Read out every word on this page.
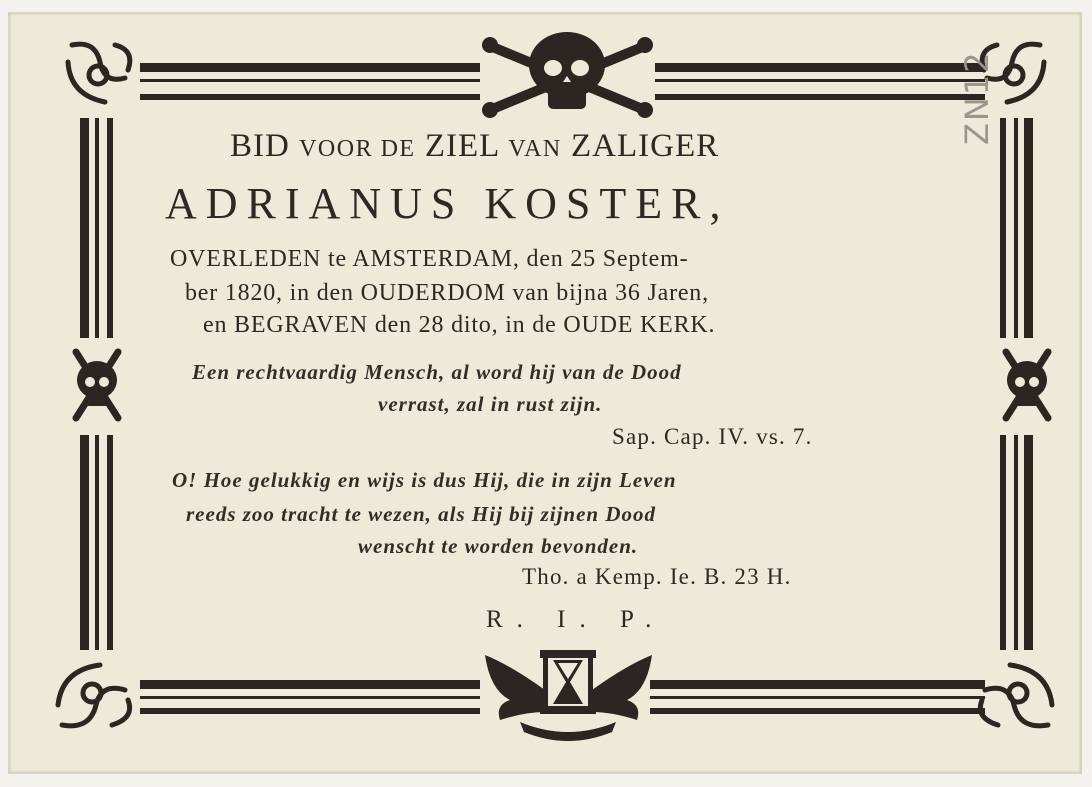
BID VOOR DE ZIEL VAN ZALIGER
ADRIANUS KOSTER,
OVERLEDEN te AMSTERDAM, den 25 Septem-
ber 1820, in den OUDERDOM van bijna 36 Jaren,
en BEGRAVEN den 28 dito, in de OUDE KERK.
Een rechtvaardig Mensch, al word hij van de Dood
verrast, zal in rust zijn.
Sap. Cap. IV. vs. 7.
O! Hoe gelukkig en wijs is dus Hij, die in zijn Leven
reeds zoo tracht te wezen, als Hij bij zijnen Dood
wenscht te worden bevonden.
Tho. a Kemp. Ie. B. 23 H.
R. I. P.
ZN12
